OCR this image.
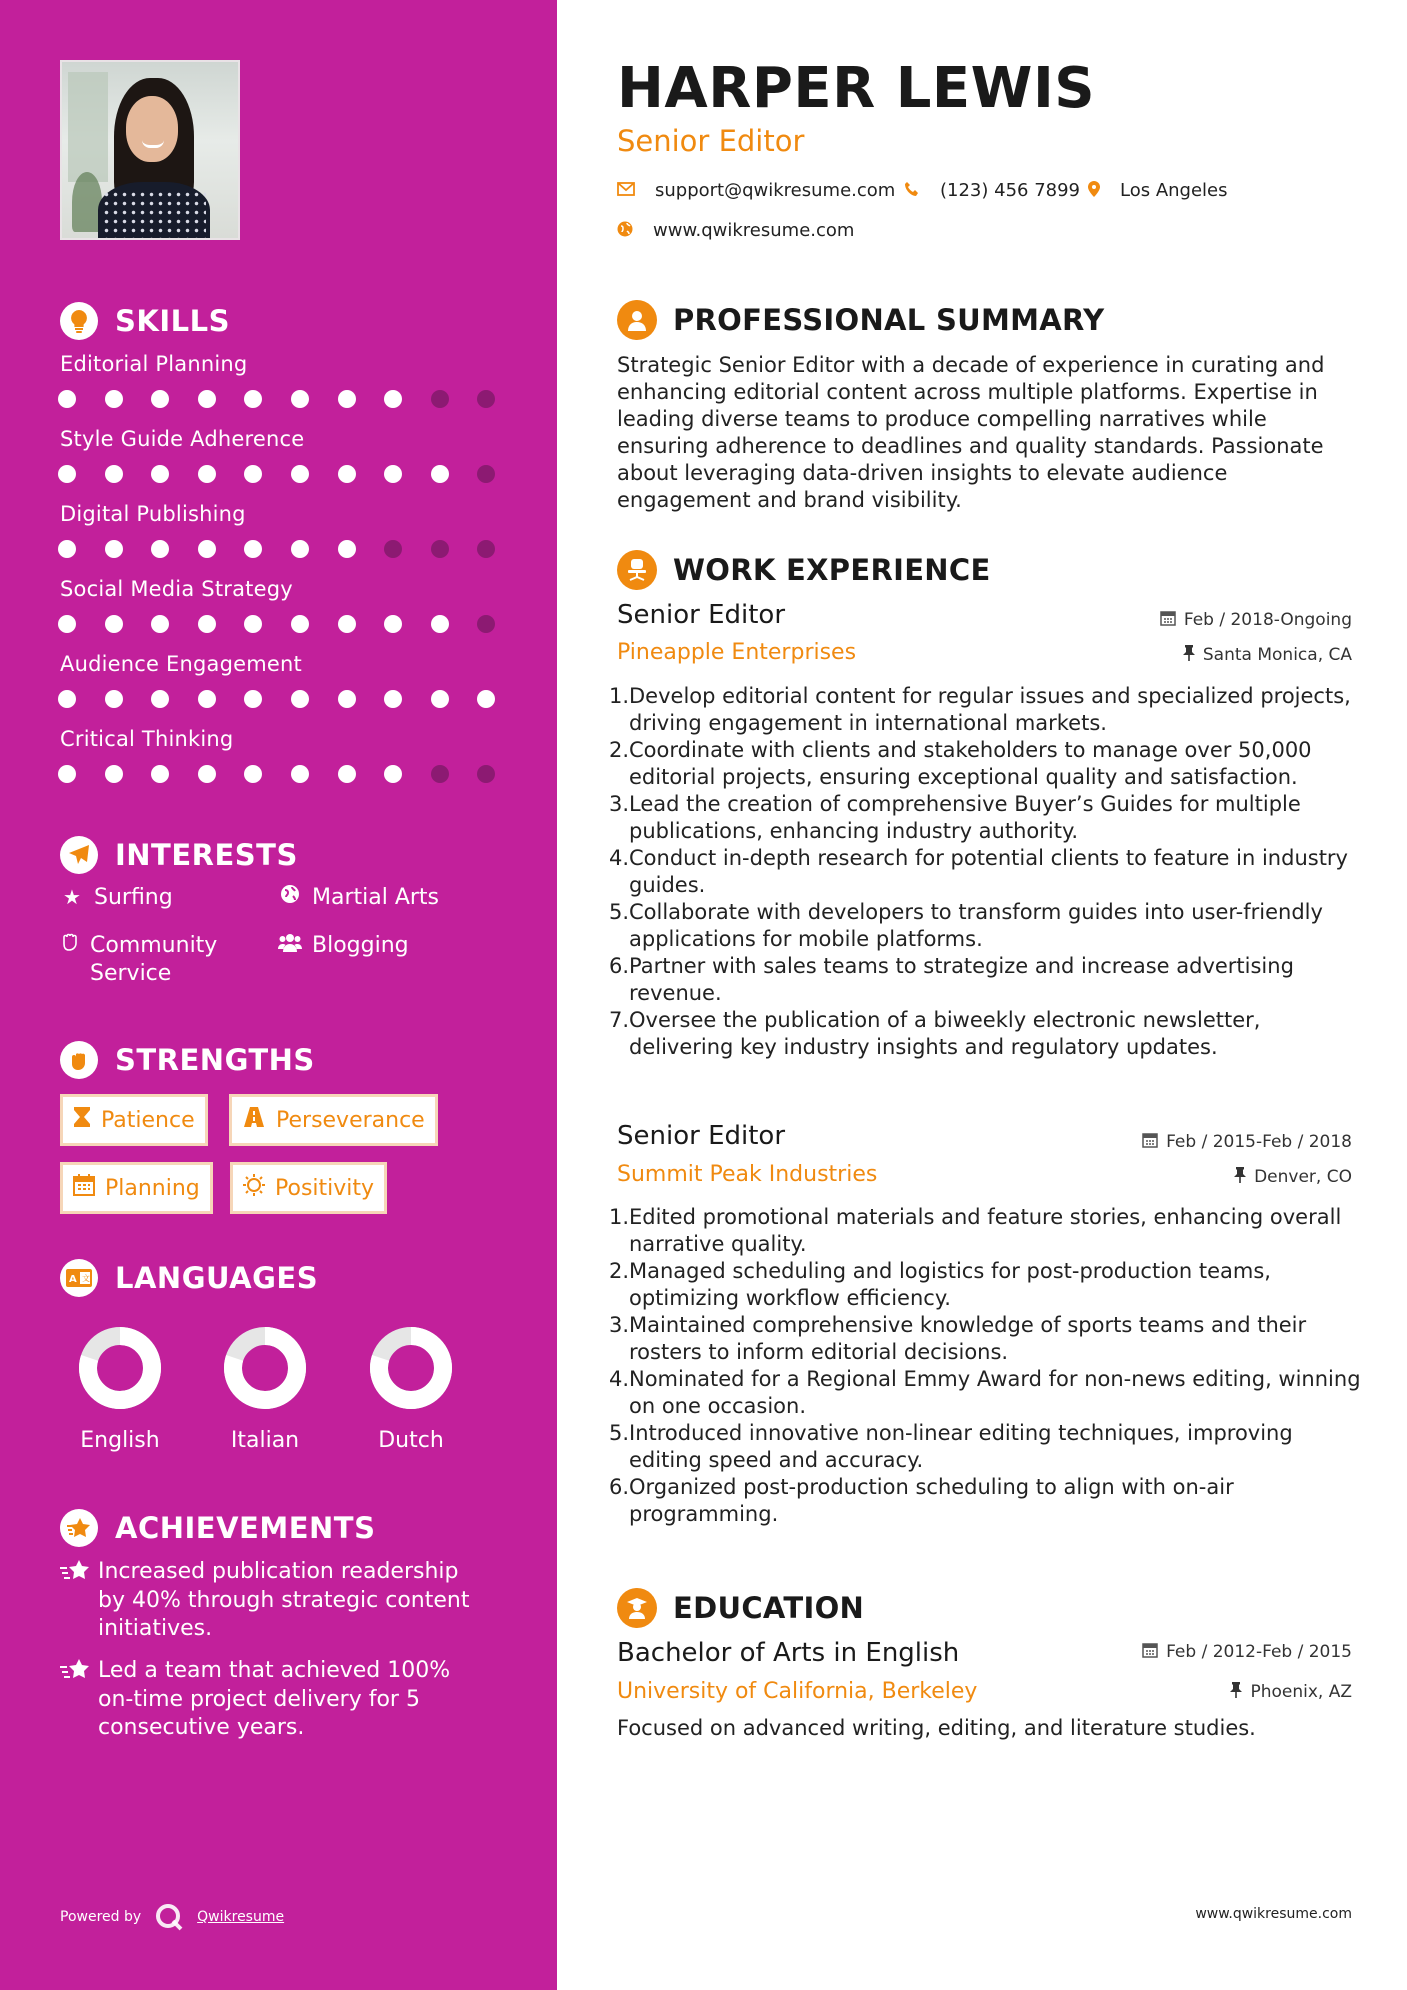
SKILLS
Editorial Planning
Style Guide Adherence
Digital Publishing
Social Media Strategy
Audience Engagement
Critical Thinking
INTERESTS
★ Surfing	Martial Arts
Community Service
Blogging
STRENGTHS
Patience	Perseverance
Planning	Positivity
A 文 LANGUAGES
English	Italian	Dutch
ACHIEVEMENTS
Increased publication readership by 40% through strategic content initiatives.
Led a team that achieved 100% on-time project delivery for 5 consecutive years.
Powered by	Qwikresume
HARPER LEWIS
Senior Editor
support@qwikresume.com (123) 456 7899 Los Angeles
www.qwikresume.com
PROFESSIONAL SUMMARY
Strategic Senior Editor with a decade of experience in curating and enhancing editorial content across multiple platforms. Expertise in leading diverse teams to produce compelling narratives while ensuring adherence to deadlines and quality standards. Passionate about leveraging data-driven insights to elevate audience engagement and brand visibility.
WORK EXPERIENCE
Senior Editor	Feb / 2018-Ongoing
Pineapple Enterprises	Santa Monica, CA
1. Develop editorial content for regular issues and specialized projects, driving engagement in international markets.
2. Coordinate with clients and stakeholders to manage over 50,000 editorial projects, ensuring exceptional quality and satisfaction.
3. Lead the creation of comprehensive Buyer’s Guides for multiple publications, enhancing industry authority.
4. Conduct in-depth research for potential clients to feature in industry guides.
5. Collaborate with developers to transform guides into user-friendly applications for mobile platforms.
6. Partner with sales teams to strategize and increase advertising revenue.
7. Oversee the publication of a biweekly electronic newsletter, delivering key industry insights and regulatory updates.
Senior Editor	Feb / 2015-Feb / 2018
Summit Peak Industries	Denver, CO
1. Edited promotional materials and feature stories, enhancing overall narrative quality.
2. Managed scheduling and logistics for post-production teams, optimizing workflow efficiency.
3. Maintained comprehensive knowledge of sports teams and their rosters to inform editorial decisions.
4. Nominated for a Regional Emmy Award for non-news editing, winning on one occasion.
5. Introduced innovative non-linear editing techniques, improving editing speed and accuracy.
6. Organized post-production scheduling to align with on-air programming.
EDUCATION
Bachelor of Arts in English	Feb / 2012-Feb / 2015
University of California, Berkeley	Phoenix, AZ
Focused on advanced writing, editing, and literature studies.
www.qwikresume.com
